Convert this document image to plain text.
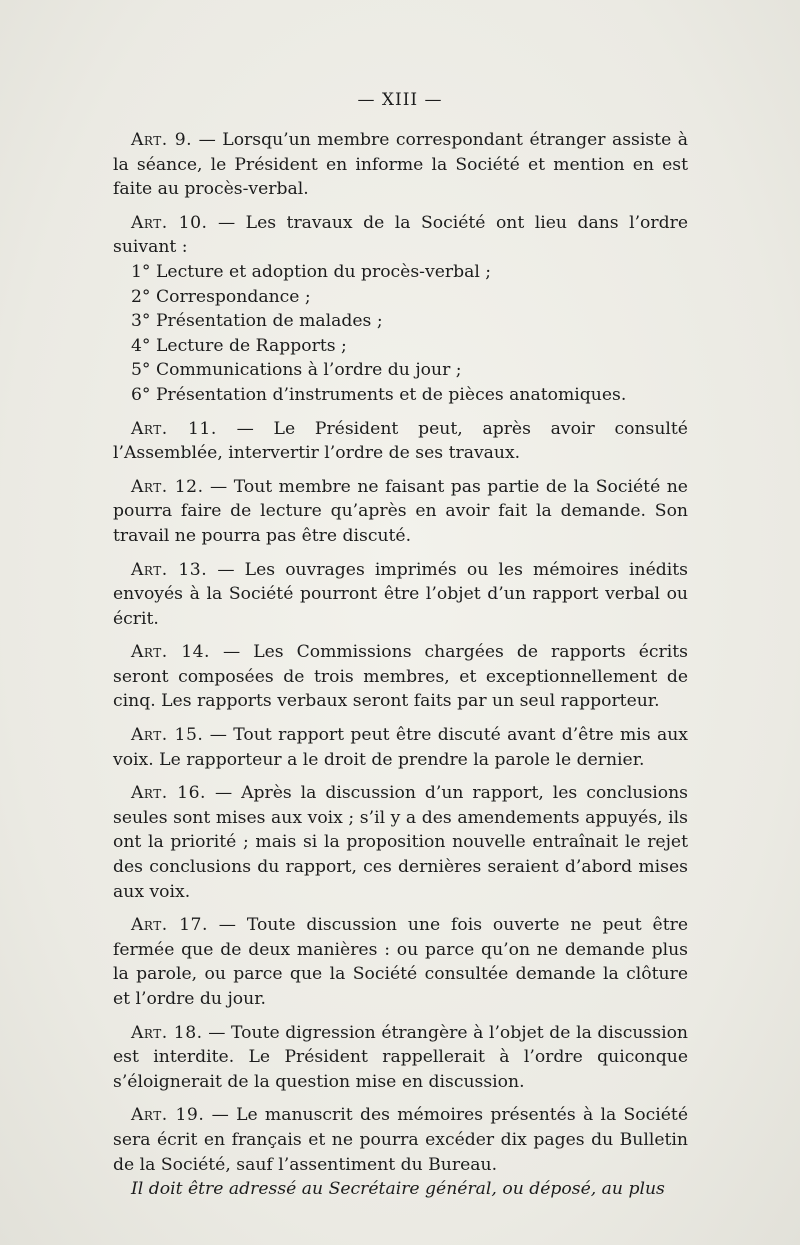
— XIII —

Art. 9. — Lorsqu’un membre correspondant étranger assiste à la séance, le Président en informe la Société et mention en est faite au procès-verbal.

Art. 10. — Les travaux de la Société ont lieu dans l’ordre suivant :

1° Lecture et adoption du procès-verbal ;
2° Correspondance ;
3° Présentation de malades ;
4° Lecture de Rapports ;
5° Communications à l’ordre du jour ;
6° Présentation d’instruments et de pièces anatomiques.

Art. 11. — Le Président peut, après avoir consulté l’Assemblée, intervertir l’ordre de ses travaux.

Art. 12. — Tout membre ne faisant pas partie de la Société ne pourra faire de lecture qu’après en avoir fait la demande. Son travail ne pourra pas être discuté.

Art. 13. — Les ouvrages imprimés ou les mémoires inédits envoyés à la Société pourront être l’objet d’un rapport verbal ou écrit.

Art. 14. — Les Commissions chargées de rapports écrits seront composées de trois membres, et exceptionnellement de cinq. Les rapports verbaux seront faits par un seul rapporteur.

Art. 15. — Tout rapport peut être discuté avant d’être mis aux voix. Le rapporteur a le droit de prendre la parole le dernier.

Art. 16. — Après la discussion d’un rapport, les conclusions seules sont mises aux voix ; s’il y a des amendements appuyés, ils ont la priorité ; mais si la proposition nouvelle entraînait le rejet des conclusions du rapport, ces dernières seraient d’abord mises aux voix.

Art. 17. — Toute discussion une fois ouverte ne peut être fermée que de deux manières : ou parce qu’on ne demande plus la parole, ou parce que la Société consultée demande la clôture et l’ordre du jour.

Art. 18. — Toute digression étrangère à l’objet de la discussion est interdite. Le Président rappellerait à l’ordre quiconque s’éloignerait de la question mise en discussion.

Art. 19. — Le manuscrit des mémoires présentés à la Société sera écrit en français et ne pourra excéder dix pages du Bulletin de la Société, sauf l’assentiment du Bureau.

Il doit être adressé au Secrétaire général, ou déposé, au plus
